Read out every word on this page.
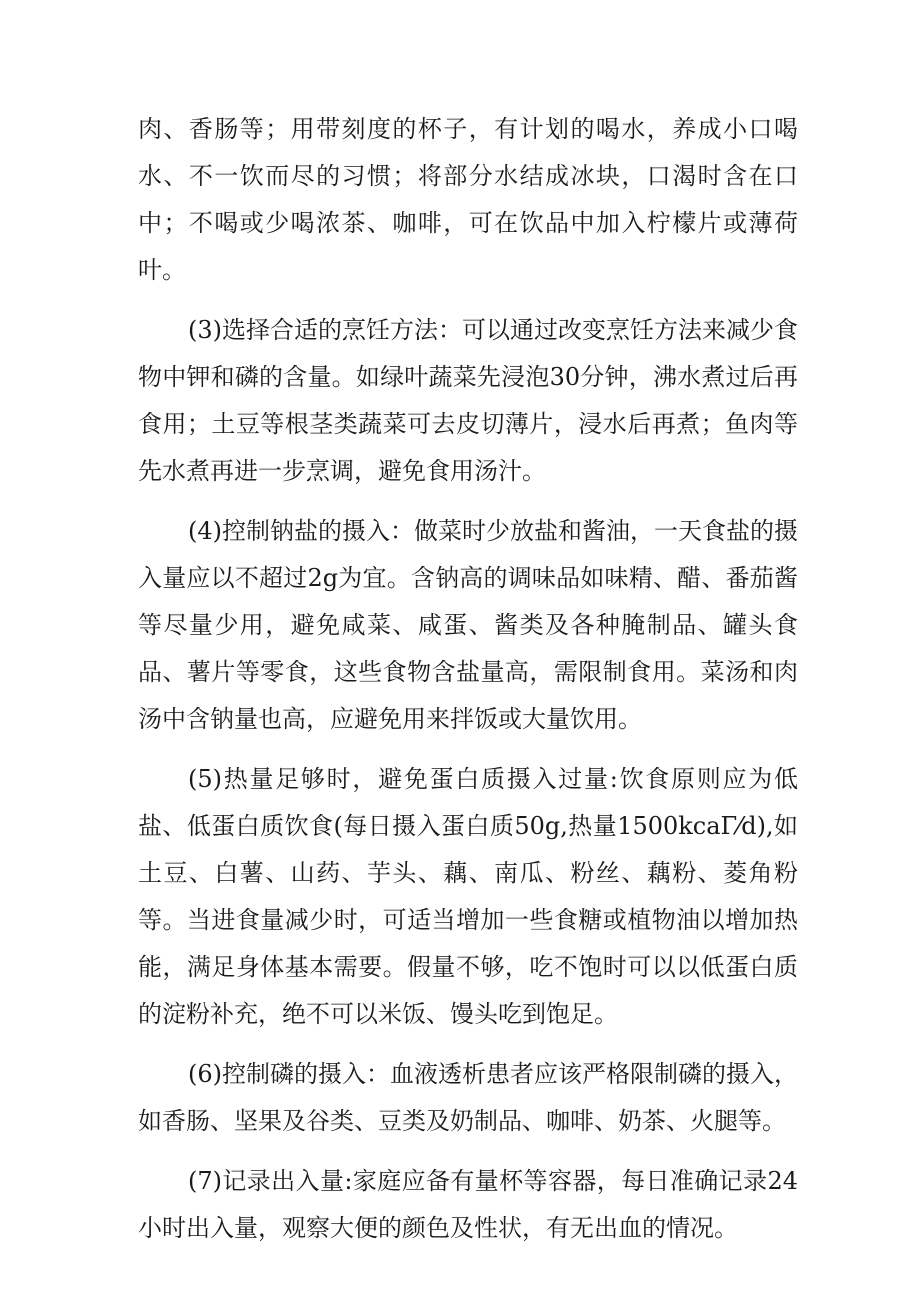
肉、香肠等；用带刻度的杯子，有计划的喝水，养成小口喝水、不一饮而尽的习惯；将部分水结成冰块，口渴时含在口中；不喝或少喝浓茶、咖啡，可在饮品中加入柠檬片或薄荷叶。

(3)选择合适的烹饪方法：可以通过改变烹饪方法来减少食物中钾和磷的含量。如绿叶蔬菜先浸泡30分钟，沸水煮过后再食用；土豆等根茎类蔬菜可去皮切薄片，浸水后再煮；鱼肉等先水煮再进一步烹调，避免食用汤汁。

(4)控制钠盐的摄入：做菜时少放盐和酱油，一天食盐的摄入量应以不超过2g为宜。含钠高的调味品如味精、醋、番茄酱等尽量少用，避免咸菜、咸蛋、酱类及各种腌制品、罐头食品、薯片等零食，这些食物含盐量高，需限制食用。菜汤和肉汤中含钠量也高，应避免用来拌饭或大量饮用。

(5)热量足够时，避免蛋白质摄入过量:饮食原则应为低盐、低蛋白质饮食(每日摄入蛋白质50g,热量1500kcaΓ⁄d),如土豆、白薯、山药、芋头、藕、南瓜、粉丝、藕粉、菱角粉等。当进食量减少时，可适当增加一些食糖或植物油以增加热能，满足身体基本需要。假量不够，吃不饱时可以以低蛋白质的淀粉补充，绝不可以米饭、馒头吃到饱足。

(6)控制磷的摄入：血液透析患者应该严格限制磷的摄入，如香肠、坚果及谷类、豆类及奶制品、咖啡、奶茶、火腿等。

(7)记录出入量:家庭应备有量杯等容器，每日准确记录24小时出入量，观察大便的颜色及性状，有无出血的情况。
